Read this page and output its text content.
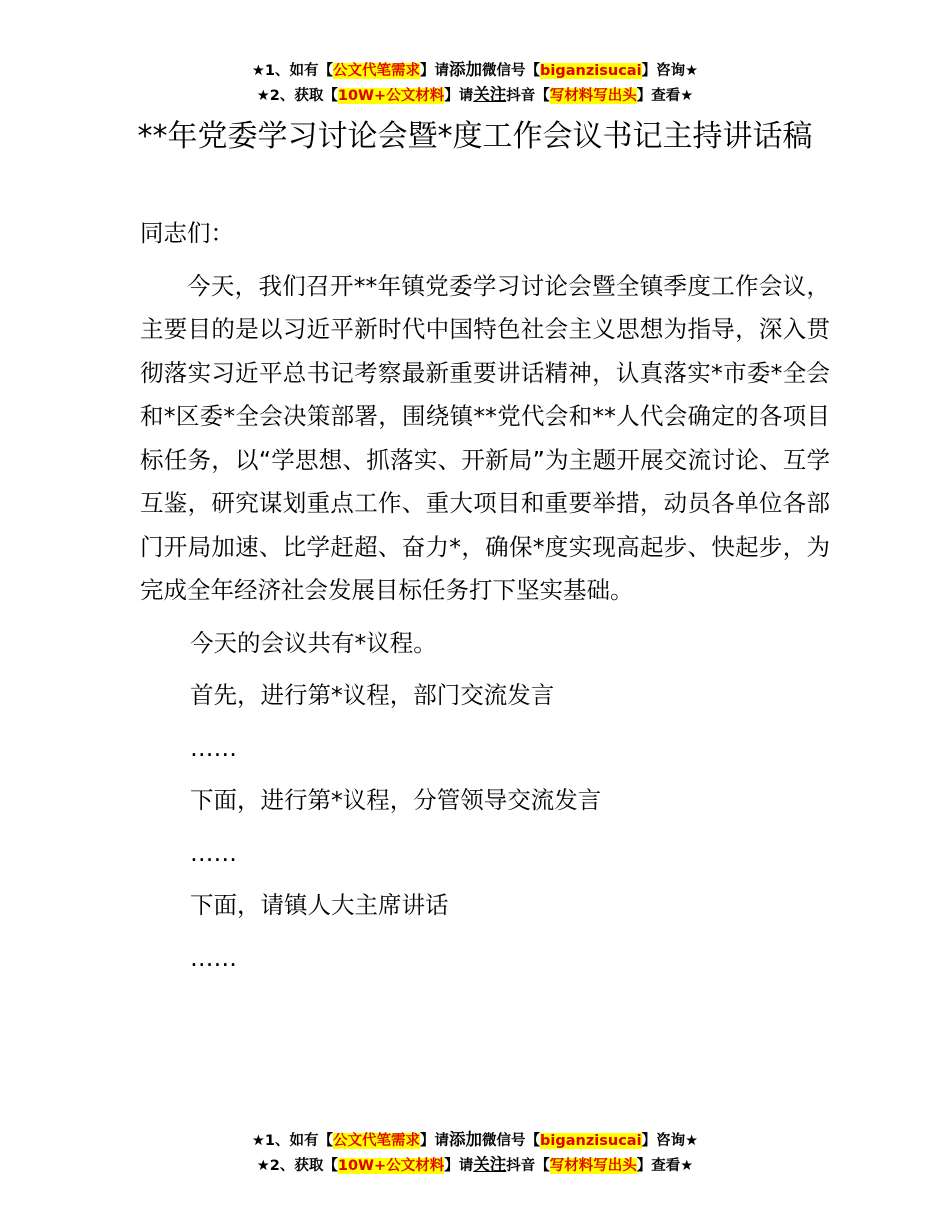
★1、如有【公文代笔需求】请添加微信号【biganzisucai】咨询★
★2、获取【10W+公文材料】请关注抖音【写材料写出头】查看★
**年党委学习讨论会暨*度工作会议书记主持讲话稿

同志们：

今天，我们召开**年镇党委学习讨论会暨全镇季度工作会议，主要目的是以习近平新时代中国特色社会主义思想为指导，深入贯彻落实习近平总书记考察最新重要讲话精神，认真落实*市委*全会和*区委*全会决策部署，围绕镇**党代会和**人代会确定的各项目标任务，以“学思想、抓落实、开新局”为主题开展交流讨论、互学互鉴，研究谋划重点工作、重大项目和重要举措，动员各单位各部门开局加速、比学赶超、奋力*，确保*度实现高起步、快起步，为完成全年经济社会发展目标任务打下坚实基础。

今天的会议共有*议程。

首先，进行第*议程，部门交流发言

……

下面，进行第*议程，分管领导交流发言

……

下面，请镇人大主席讲话

……

★1、如有【公文代笔需求】请添加微信号【biganzisucai】咨询★
★2、获取【10W+公文材料】请关注抖音【写材料写出头】查看★
